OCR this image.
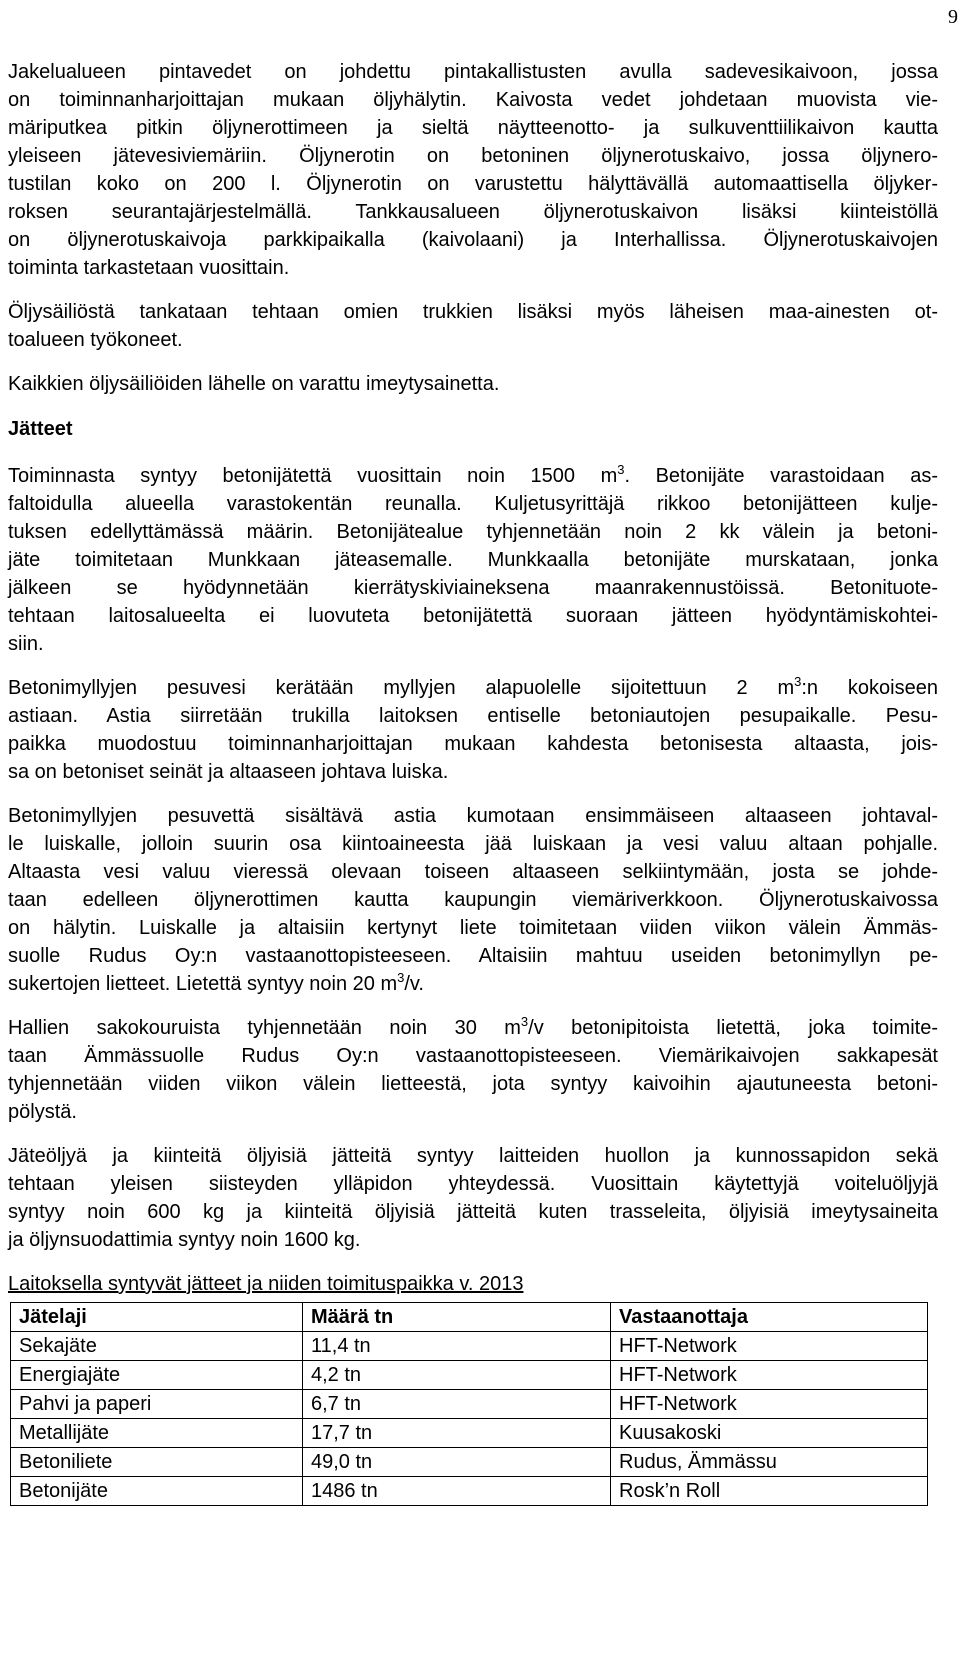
9

Jakelualueen pintavedet on johdettu pintakallistusten avulla sadevesikaivoon, jossa
on toiminnanharjoittajan mukaan öljyhälytin. Kaivosta vedet johdetaan muovista vie-
märiputkea pitkin öljynerottimeen ja sieltä näytteenotto- ja sulkuventtiilikaivon kautta
yleiseen jätevesiviemäriin. Öljynerotin on betoninen öljynerotuskaivo, jossa öljynero-
tustilan koko on 200 l. Öljynerotin on varustettu hälyttävällä automaattisella öljyker-
roksen seurantajärjestelmällä. Tankkausalueen öljynerotuskaivon lisäksi kiinteistöllä
on öljynerotuskaivoja parkkipaikalla (kaivolaani) ja Interhallissa. Öljynerotuskaivojen
toiminta tarkastetaan vuosittain.

Öljysäiliöstä tankataan tehtaan omien trukkien lisäksi myös läheisen maa-ainesten ot-
toalueen työkoneet.

Kaikkien öljysäiliöiden lähelle on varattu imeytysainetta.

Jätteet

Toiminnasta syntyy betonijätettä vuosittain noin 1500 $m^3$. Betonijäte varastoidaan as-
faltoidulla alueella varastokentän reunalla. Kuljetusyrittäjä rikkoo betonijätteen kulje-
tuksen edellyttämässä määrin. Betonijätealue tyhjennetään noin 2 kk välein ja betoni-
jäte toimitetaan Munkkaan jäteasemalle. Munkkaalla betonijäte murskataan, jonka
jälkeen se hyödynnetään kierrätyskiviaineksena maanrakennustöissä. Betonituote-
tehtaan laitosalueelta ei luovuteta betonijätettä suoraan jätteen hyödyntämiskohtei-
siin.

Betonimyllyjen pesuvesi kerätään myllyjen alapuolelle sijoitettuun 2 $m^3:n$ kokoiseen
astiaan. Astia siirretään trukilla laitoksen entiselle betoniautojen pesupaikalle. Pesu-
paikka muodostuu toiminnanharjoittajan mukaan kahdesta betonisesta altaasta, jois-
sa on betoniset seinät ja altaaseen johtava luiska.

Betonimyllyjen pesuvettä sisältävä astia kumotaan ensimmäiseen altaaseen johtaval-
le luiskalle, jolloin suurin osa kiintoaineesta jää luiskaan ja vesi valuu altaan pohjalle.
Altaasta vesi valuu vieressä olevaan toiseen altaaseen selkiintymään, josta se johde-
taan edelleen öljynerottimen kautta kaupungin viemäriverkkoon. Öljynerotuskaivossa
on hälytin. Luiskalle ja altaisiin kertynyt liete toimitetaan viiden viikon välein Ämmäs-
suolle Rudus Oy:n vastaanottopisteeseen. Altaisiin mahtuu useiden betonimyllyn pe-
sukertojen lietteet. Lietettä syntyy noin 20 $m^3/v$.

Hallien sakokouruista tyhjennetään noin 30 $m^3/v$ betonipitoista lietettä, joka toimite-
taan Ämmässuolle Rudus Oy:n vastaanottopisteeseen. Viemärikaivojen sakkapesät
tyhjennetään viiden viikon välein lietteestä, jota syntyy kaivoihin ajautuneesta betoni-
pölystä.

Jäteöljyä ja kiinteitä öljyisiä jätteitä syntyy laitteiden huollon ja kunnossapidon sekä
tehtaan yleisen siisteyden ylläpidon yhteydessä. Vuosittain käytettyjä voiteluöljyjä
syntyy noin 600 kg ja kiinteitä öljyisiä jätteitä kuten trasseleita, öljyisiä imeytysaineita
ja öljynsuodattimia syntyy noin 1600 kg.

Laitoksella syntyvät jätteet ja niiden toimituspaikka v. 2013

Jätelaji	Määrä tn	Vastaanottaja
Sekajäte	11,4 tn	HFT-Network
Energiajäte	4,2 tn	HFT-Network
Pahvi ja paperi	6,7 tn	HFT-Network
Metallijäte	17,7 tn	Kuusakoski
Betoniliete	49,0 tn	Rudus, Ämmässu
Betonijäte	1486 tn	Rosk’n Roll
